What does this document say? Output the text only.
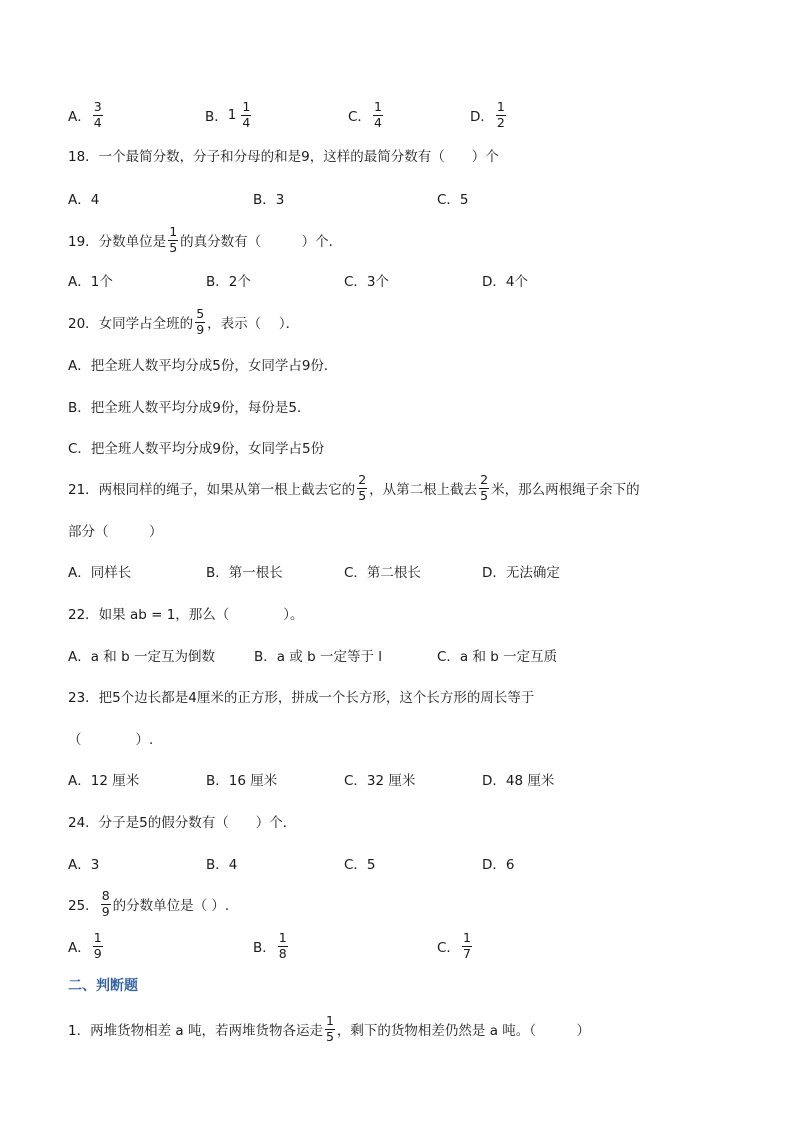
A． $\frac{3}{4}$	B． $1 \frac{1}{4}$	C． $\frac{1}{4}$	D． $\frac{1}{2}$
18．一个最简分数，分子和分母的和是9，这样的最简分数有（　　）个
A．4	B．3	C．5
19．分数单位是 $\frac{1}{5}$ 的真分数有（　　　）个．
A．1个	B．2个	C．3个	D．4个
20．女同学占全班的 $\frac{5}{9}$ ，表示（　 ）．
A．把全班人数平均分成5份，女同学占9份．
B．把全班人数平均分成9份，每份是5．
C．把全班人数平均分成9份，女同学占5份
21．两根同样的绳子，如果从第一根上截去它的 $\frac{2}{5}$ ，从第二根上截去 $\frac{2}{5}$ 米，那么两根绳子余下的
部分（　　　）
A．同样长	B．第一根长	C．第二根长	D．无法确定
22．如果 ab = 1，那么（　　　　）。
A．a 和 b 一定互为倒数	B．a 或 b 一定等于 l	C．a 和 b 一定互质
23．把5个边长都是4厘米的正方形，拼成一个长方形，这个长方形的周长等于
（　　　　）.
A．12 厘米	B．16 厘米	C．32 厘米	D．48 厘米
24．分子是5的假分数有（　　）个．
A．3	B．4	C．5	D．6
25． $\frac{8}{9}$ 的分数单位是（ ）.
A． $\frac{1}{9}$	B． $\frac{1}{8}$	C． $\frac{1}{7}$
二、判断题
1．两堆货物相差 a 吨，若两堆货物各运走 $\frac{1}{5}$ ，剩下的货物相差仍然是 a 吨。（　　　）
